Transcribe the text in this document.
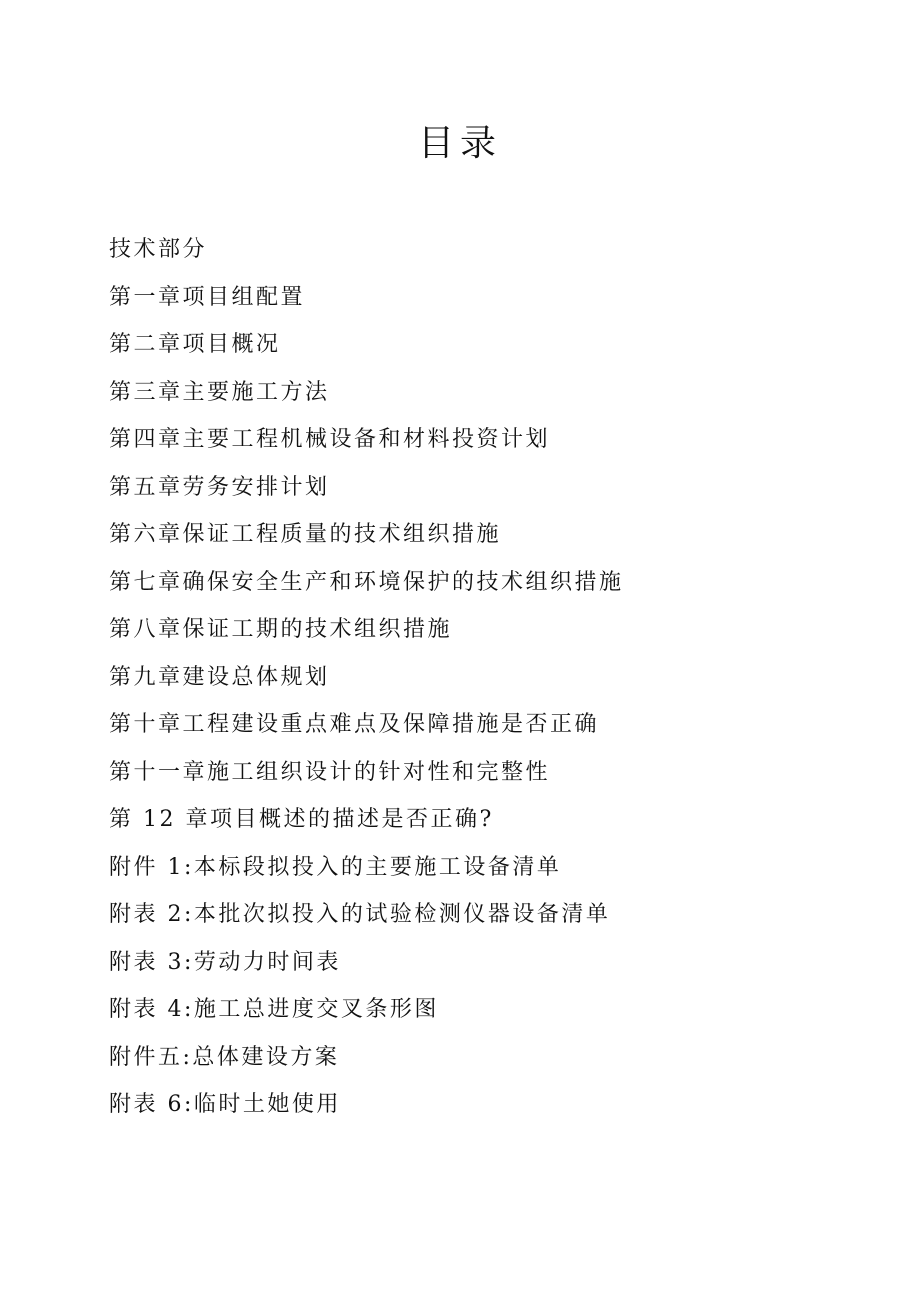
目录
技术部分
第一章项目组配置
第二章项目概况
第三章主要施工方法
第四章主要工程机械设备和材料投资计划
第五章劳务安排计划
第六章保证工程质量的技术组织措施
第七章确保安全生产和环境保护的技术组织措施
第八章保证工期的技术组织措施
第九章建设总体规划
第十章工程建设重点难点及保障措施是否正确
第十一章施工组织设计的针对性和完整性
第 12 章项目概述的描述是否正确?
附件 1:本标段拟投入的主要施工设备清单
附表 2:本批次拟投入的试验检测仪器设备清单
附表 3:劳动力时间表
附表 4:施工总进度交叉条形图
附件五:总体建设方案
附表 6:临时土她使用
